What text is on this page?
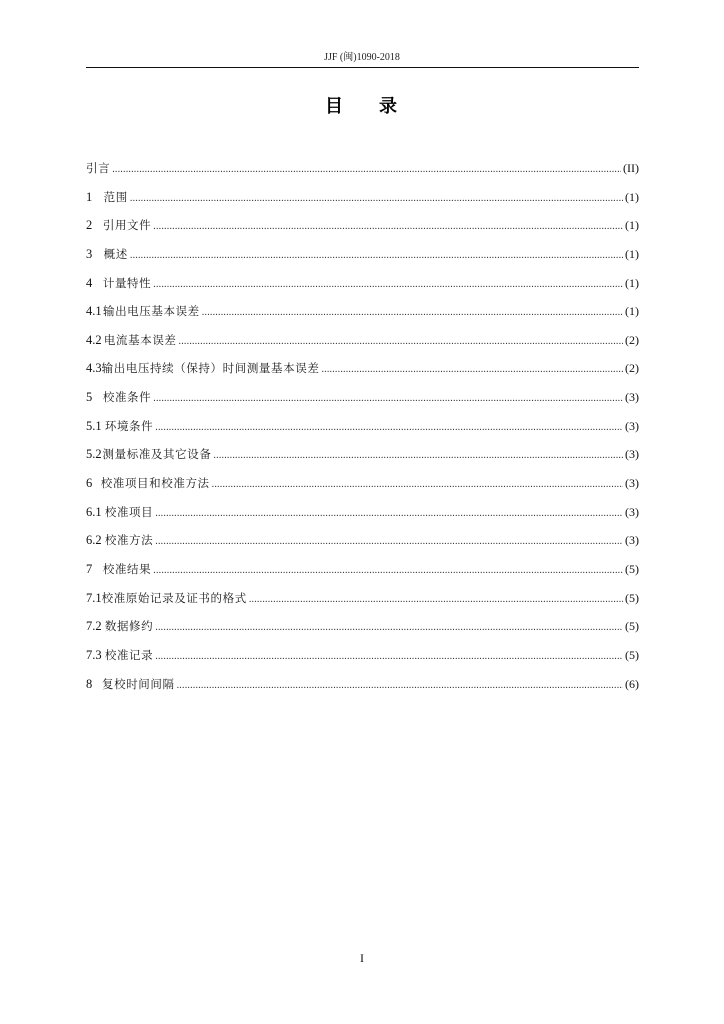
JJF (闽)1090-2018
目 录
引言 .....	(II)
1 范围 .....	(1)
2 引用文件 .....	(1)
3 概述 .....	(1)
4 计量特性 .....	(1)
4.1 输出电压基本误差 .....	(1)
4.2 电流基本误差 .....	(2)
4.3 输出电压持续（保持）时间测量基本误差 .....	(2)
5 校准条件 .....	(3)
5.1 环境条件 .....	(3)
5.2 测量标准及其它设备 .....	(3)
6 校准项目和校准方法 .....	(3)
6.1 校准项目 .....	(3)
6.2 校准方法 .....	(3)
7 校准结果 .....	(5)
7.1 校准原始记录及证书的格式 .....	(5)
7.2 数据修约 .....	(5)
7.3 校准记录 .....	(5)
8 复校时间间隔 .....	(6)
I
